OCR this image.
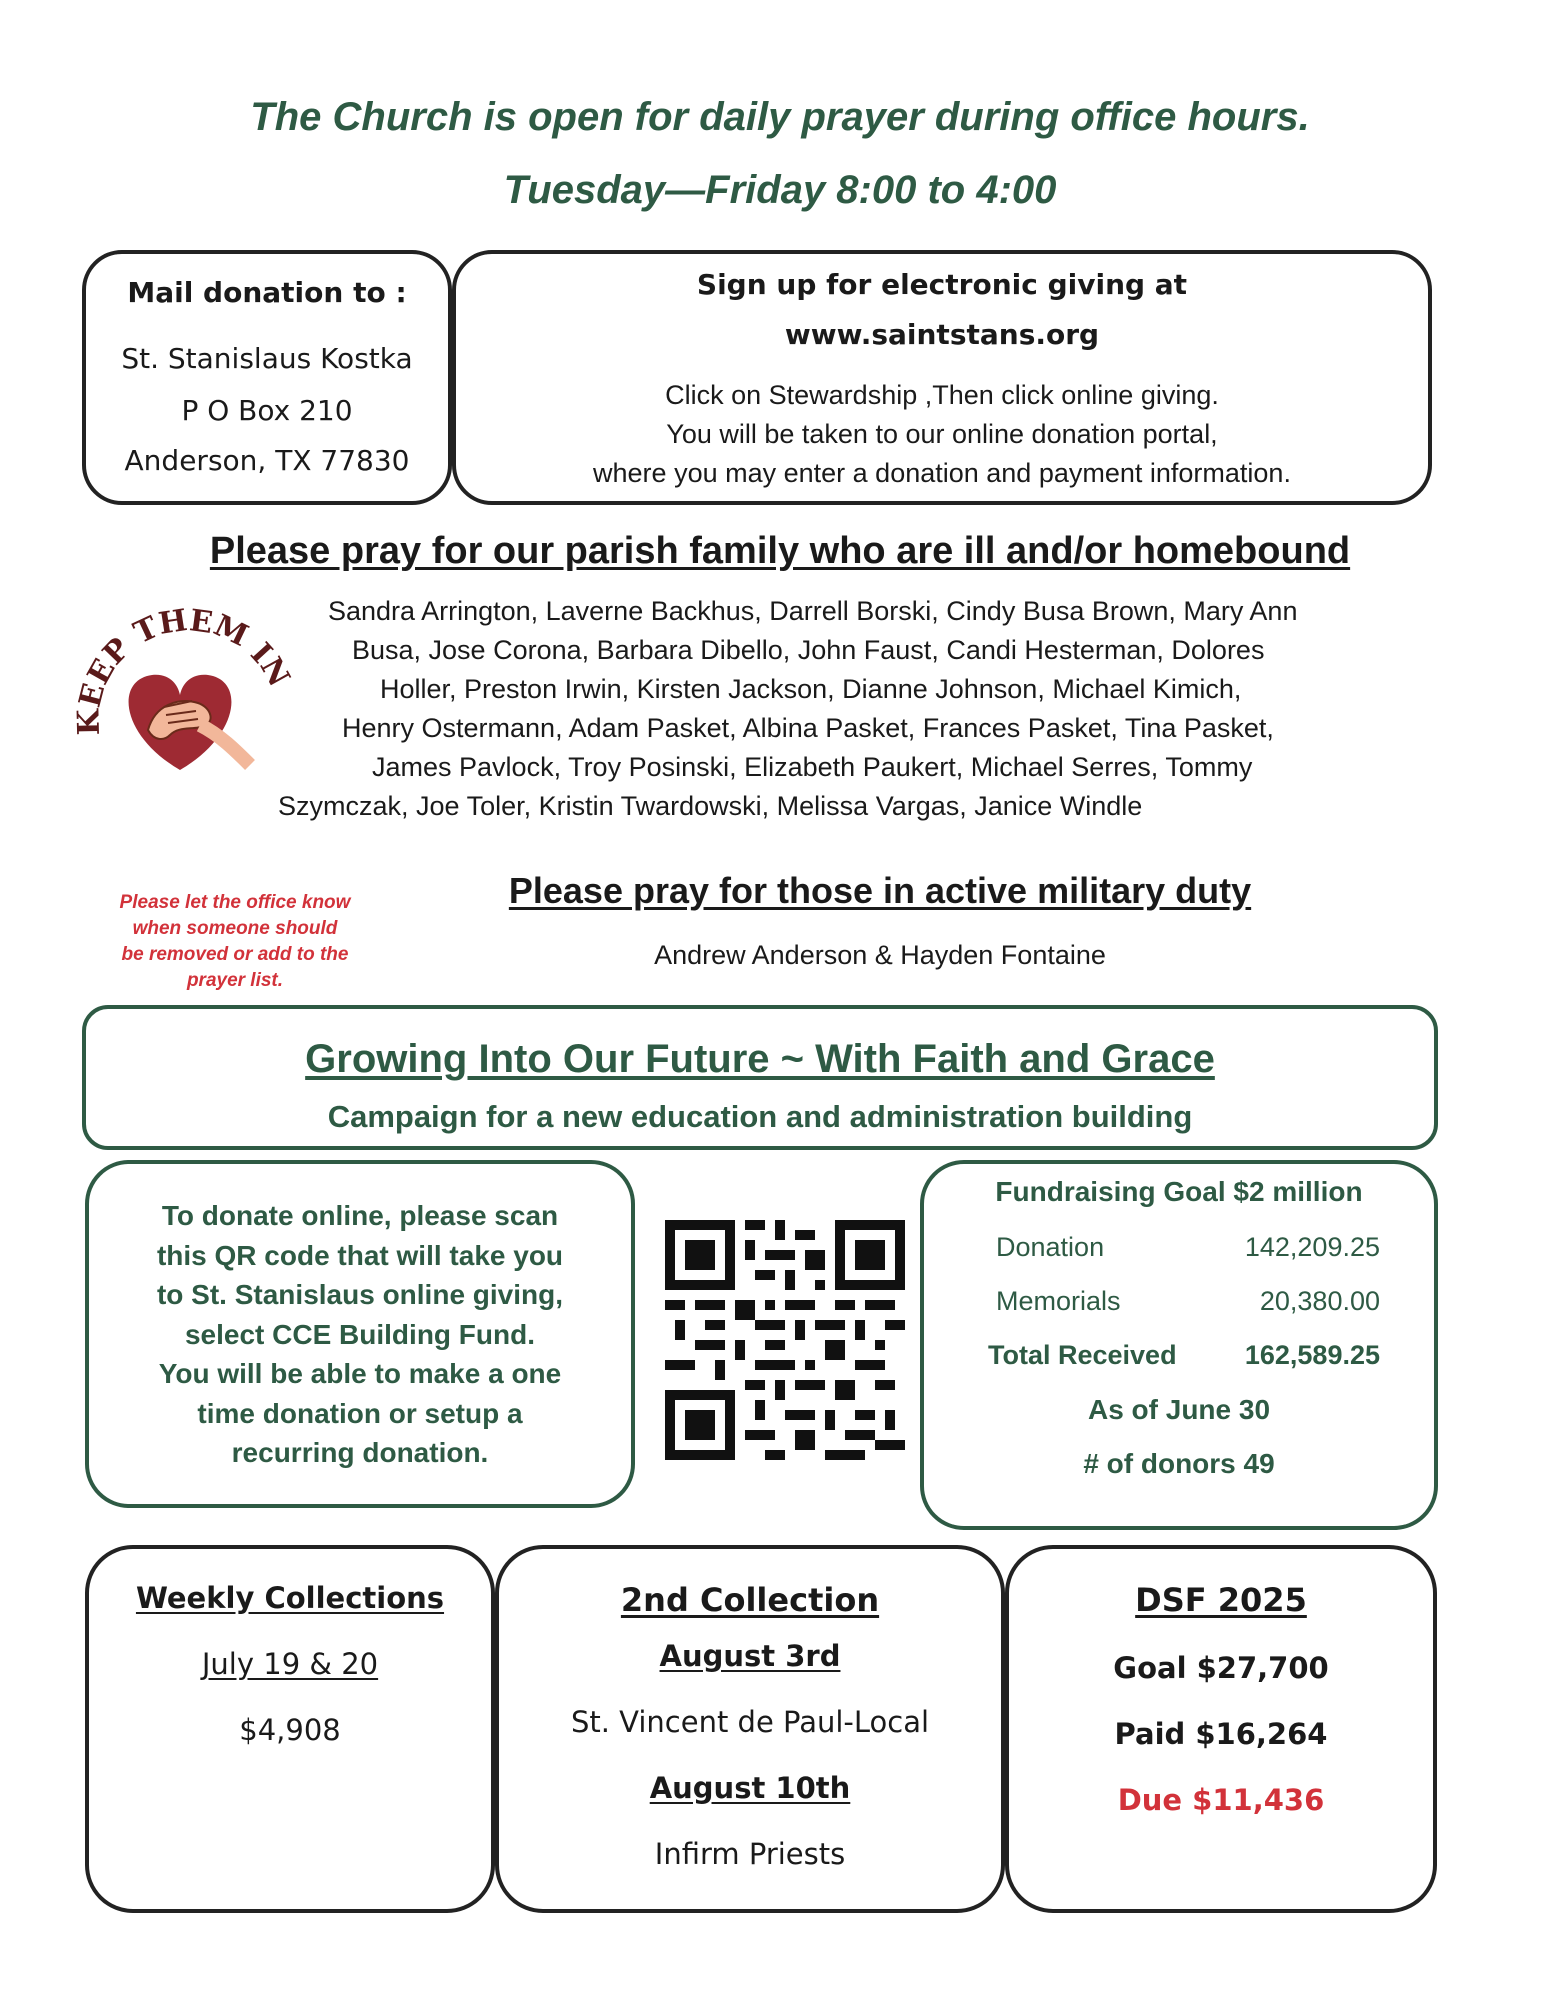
The Church is open for daily prayer during office hours.
Tuesday—Friday 8:00 to 4:00
Mail donation to :
St. Stanislaus Kostka
P O Box 210
Anderson, TX 77830
Sign up for electronic giving at
www.saintstans.org
Click on Stewardship ,Then click online giving.
You will be taken to our online donation portal,
where you may enter a donation and payment information.
Please pray for our parish family who are ill and/or homebound
KEEP THEM IN
Sandra Arrington, Laverne Backhus, Darrell Borski, Cindy Busa Brown, Mary Ann
Busa, Jose Corona, Barbara Dibello, John Faust, Candi Hesterman, Dolores
Holler, Preston Irwin, Kirsten Jackson, Dianne Johnson, Michael Kimich,
Henry Ostermann, Adam Pasket, Albina Pasket, Frances Pasket, Tina Pasket,
James Pavlock, Troy Posinski, Elizabeth Paukert, Michael Serres, Tommy
Szymczak, Joe Toler, Kristin Twardowski, Melissa Vargas, Janice Windle
Please let the office know
when someone should
be removed or add to the
prayer list.
Please pray for those in active military duty
Andrew Anderson & Hayden Fontaine
Growing Into Our Future ~ With Faith and Grace
Campaign for a new education and administration building
To donate online, please scan
this QR code that will take you
to St. Stanislaus online giving,
select CCE Building Fund.
You will be able to make a one
time donation or setup a
recurring donation.
Fundraising Goal $2 million
Donation	142,209.25
Memorials	20,380.00
Total Received	162,589.25
As of June 30
# of donors 49
Weekly Collections
July 19 & 20
$4,908
2nd Collection
August 3rd
St. Vincent de Paul-Local
August 10th
Infirm Priests
DSF 2025
Goal $27,700
Paid $16,264
Due $11,436
